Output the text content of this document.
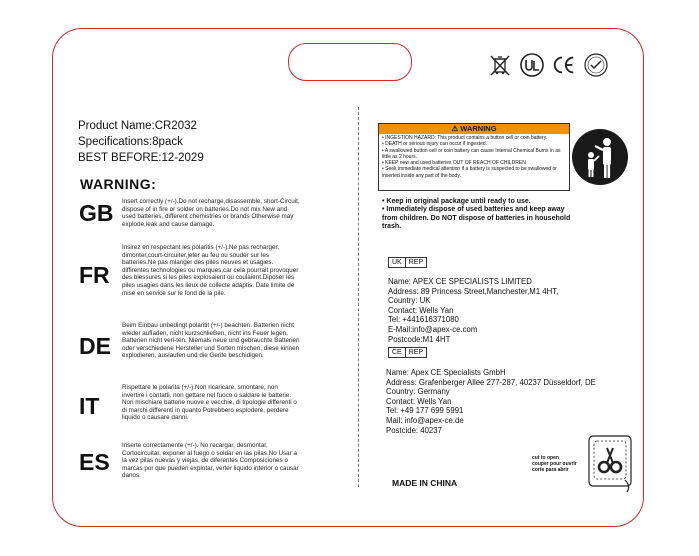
Product Name:CR2032
Specifications:8pack
BEST BEFORE:12-2029
WARNING:
GB Insert correctly (+/-).Do not recharge,disassemble, short-Circuit, dispose of in fire or solder on batteries.Do not mix New and used batteries, different chemistries or brands Otherwise may explode,leak and cause damage.
FR
Insirez en respectant les polaritis (+/-).Ne pas recharger, dimonter,court-circuiter,jeter au feu ou souder sur les batteries.Ne pas mlanger des piles neuves et usagies. diffirentes technologies ou marques,car cela pourrait provoquer des blessures si les piles explosaient ou coulaient.Diposer les piles usagies dans les lieux de collecte adaptis. Date limite de mise en service sur le fond de la pile.
DE
Beim Einbau unbedingt polaritit (+/-) beachten. Batterien nicht wieder aufladen, nicht kurzschlieBen, nicht ins Feuer legen, Batterien nicht veri-ten. Niemals neue und gebrauchte Batterien oder verschiedene Hersteller und Sorten mischen, diese kinnen explodieren, auslaufen und die Gerite beschidigen.
IT
Rispettare le polarita (+/-).Non ricaricare, smontare, non invertire i contatti, non gettare nel fuoco o saldare le batterie. Non mischiare batterie nuove e vecchie, di tipologie differenti o di marchi differenti in quanto Potrebbero esplodere, perdere liquido o causare danni.
ES
Inserte correctamente (+/-). No recargar, desmontar, Cortocircuitar, exponer al fuego o soldar en las pilas.No Usar a la vez pilas nuevas y viejas, de diferentes Composiciones o marcas por que pueden explotar, verter liquido interior o causar danos.
⚠ WARNING
• INGESTION HAZARD: This product contains a button cell or coin battery.
• DEATH or serious injury can occur if ingested.
• A swallowed button cell or coin battery can cause Internal Chemical Burns in as little as 2 hours.
• KEEP new and used batteries OUT OF REACH OF CHILDREN
• Seek immediate medical attention if a battery is suspected to be swallowed or inserted inside any part of the body.
• Keep in original package until ready to use.
• Immediately dispose of used batteries and keep away from children. Do NOT dispose of batteries in household trash.
UK	REP
Name: APEX CE SPECIALISTS LIMITED
Address: 89 Princess Street,Manchester,M1 4HT,
Country: UK
Contact: Wells Yan
Tel: +441616371080
E-Mail:info@apex-ce.com
Postcode:M1 4HT
CE	REP
Name: Apex CE Specialists GmbH
Address: Grafenberger Allee 277-287, 40237 Düsseldorf, DE
Country: Germany
Contact: Wells Yan
Tel: +49 177 699 5991
Mail: info@apex-ce.de
Postcide: 40237
MADE IN CHINA
cut to open
couper pour ouvrir
corte para abrir
